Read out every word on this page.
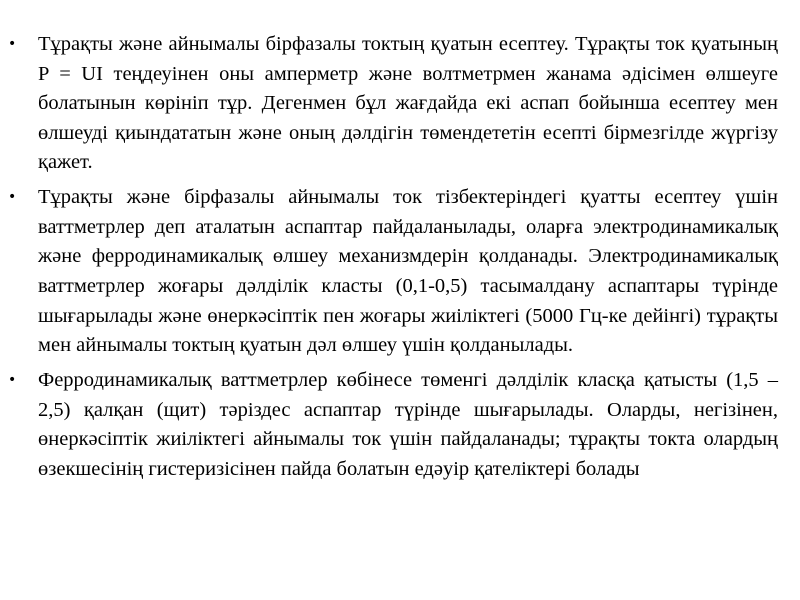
• Тұрақты және айнымалы бірфазалы токтың қуатын есептеу. Тұрақты ток қуатының P = UI теңдеуінен оны амперметр және волтметрмен жанама әдісімен өлшеуге болатынын көрініп тұр. Дегенмен бұл жағдайда екі аспап бойынша есептеу мен өлшеуді қиындататын және оның дәлдігін төмендететін есепті бірмезгілде жүргізу қажет.
• Тұрақты және бірфазалы айнымалы ток тізбектеріндегі қуатты есептеу үшін ваттметрлер деп аталатын аспаптар пайдаланылады, оларға электродинамикалық және ферродинамикалық өлшеу механизмдерін қолданады. Электродинамикалық ваттметрлер жоғары дәлділік класты (0,1-0,5) тасымалдану аспаптары түрінде шығарылады және өнеркәсіптік пен жоғары жиіліктегі (5000 Гц-ке дейінгі) тұрақты мен айнымалы токтың қуатын дәл өлшеу үшін қолданылады.
• Ферродинамикалық ваттметрлер көбінесе төменгі дәлділік класқа қатысты (1,5 – 2,5) қалқан (щит) тәріздес аспаптар түрінде шығарылады. Оларды, негізінен, өнеркәсіптік жиіліктегі айнымалы ток үшін пайдаланады; тұрақты токта олардың өзекшесінің гистеризісінен пайда болатын едәуір қателіктері болады
